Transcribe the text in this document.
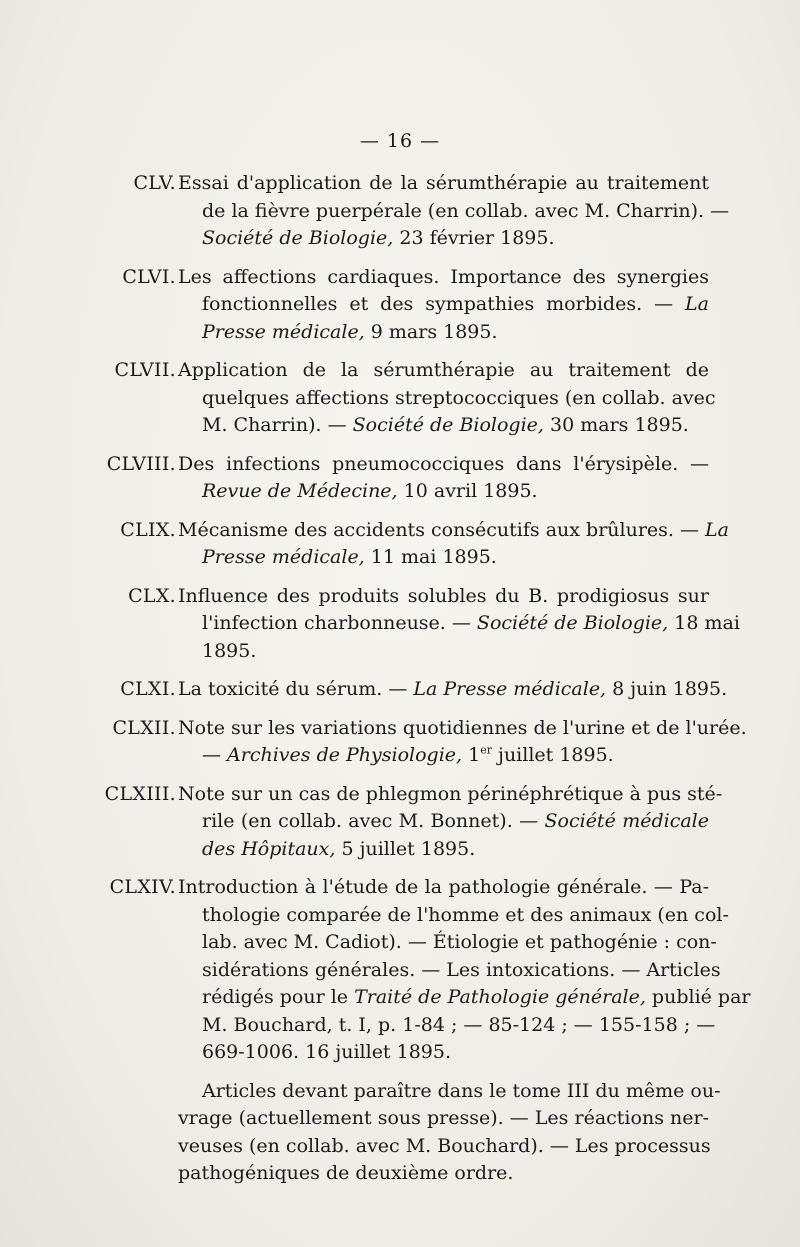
— 16 —
CLV. Essai d'application de la sérumthérapie au traitement
de la fièvre puerpérale (en collab. avec M. Charrin). —
Société de Biologie, 23 février 1895.
CLVI. Les affections cardiaques. Importance des synergies
fonctionnelles et des sympathies morbides. — La
Presse médicale, 9 mars 1895.
CLVII. Application de la sérumthérapie au traitement de
quelques affections streptococciques (en collab. avec
M. Charrin). — Société de Biologie, 30 mars 1895.
CLVIII. Des infections pneumococciques dans l'érysipèle. —
Revue de Médecine, 10 avril 1895.
CLIX. Mécanisme des accidents consécutifs aux brûlures. — La
Presse médicale, 11 mai 1895.
CLX. Influence des produits solubles du B. prodigiosus sur
l'infection charbonneuse. — Société de Biologie, 18 mai
1895.
CLXI. La toxicité du sérum. — La Presse médicale, 8 juin 1895.
CLXII. Note sur les variations quotidiennes de l'urine et de l'urée.
— Archives de Physiologie, 1er juillet 1895.
CLXIII. Note sur un cas de phlegmon périnéphrétique à pus sté-
rile (en collab. avec M. Bonnet). — Société médicale
des Hôpitaux, 5 juillet 1895.
CLXIV. Introduction à l'étude de la pathologie générale. — Pa-
thologie comparée de l'homme et des animaux (en col-
lab. avec M. Cadiot). — Étiologie et pathogénie : con-
sidérations générales. — Les intoxications. — Articles
rédigés pour le Traité de Pathologie générale, publié par
M. Bouchard, t. I, p. 1-84 ; — 85-124 ; — 155-158 ; —
669-1006. 16 juillet 1895.
Articles devant paraître dans le tome III du même ou-
vrage (actuellement sous presse). — Les réactions ner-
veuses (en collab. avec M. Bouchard). — Les processus
pathogéniques de deuxième ordre.
